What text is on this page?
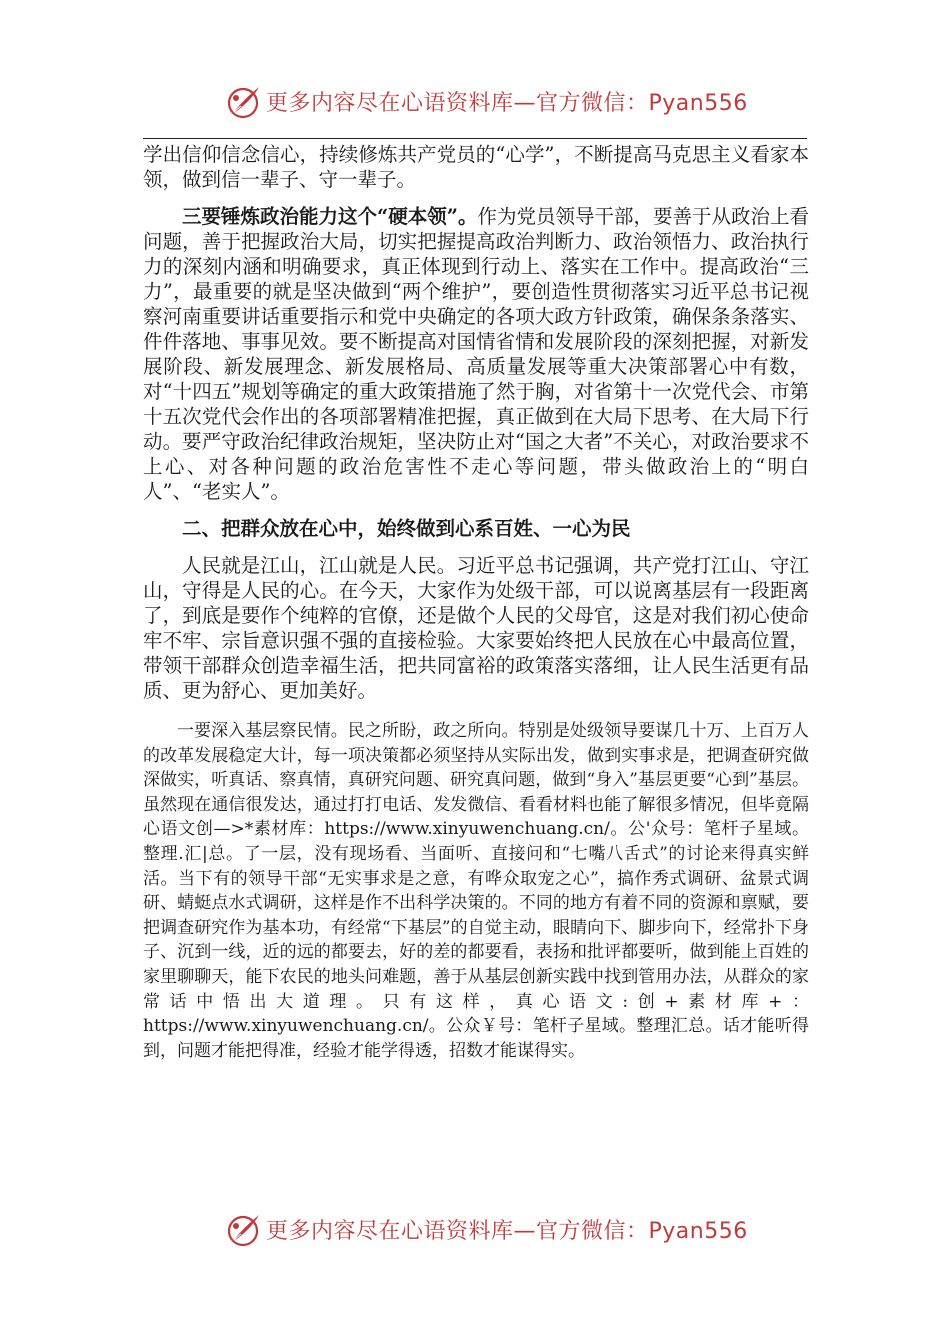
更多内容尽在心语资料库—官方微信：Pyan556

学出信仰信念信心，持续修炼共产党员的“心学”，不断提高马克思主义看家本领，做到信一辈子、守一辈子。

三要锤炼政治能力这个“硬本领”。作为党员领导干部，要善于从政治上看问题，善于把握政治大局，切实把握提高政治判断力、政治领悟力、政治执行力的深刻内涵和明确要求，真正体现到行动上、落实在工作中。提高政治“三力”，最重要的就是坚决做到“两个维护”，要创造性贯彻落实习近平总书记视察河南重要讲话重要指示和党中央确定的各项大政方针政策，确保条条落实、件件落地、事事见效。要不断提高对国情省情和发展阶段的深刻把握，对新发展阶段、新发展理念、新发展格局、高质量发展等重大决策部署心中有数，对“十四五”规划等确定的重大政策措施了然于胸，对省第十一次党代会、市第十五次党代会作出的各项部署精准把握，真正做到在大局下思考、在大局下行动。要严守政治纪律政治规矩，坚决防止对“国之大者”不关心，对政治要求不上心、对各种问题的政治危害性不走心等问题，带头做政治上的“明白人”、“老实人”。

二、把群众放在心中，始终做到心系百姓、一心为民

人民就是江山，江山就是人民。习近平总书记强调，共产党打江山、守江山，守得是人民的心。在今天，大家作为处级干部，可以说离基层有一段距离了，到底是要作个纯粹的官僚，还是做个人民的父母官，这是对我们初心使命牢不牢、宗旨意识强不强的直接检验。大家要始终把人民放在心中最高位置，带领干部群众创造幸福生活，把共同富裕的政策落实落细，让人民生活更有品质、更为舒心、更加美好。

一要深入基层察民情。民之所盼，政之所向。特别是处级领导要谋几十万、上百万人的改革发展稳定大计，每一项决策都必须坚持从实际出发，做到实事求是，把调查研究做深做实，听真话、察真情，真研究问题、研究真问题，做到“身入”基层更要“心到”基层。虽然现在通信很发达，通过打打电话、发发微信、看看材料也能了解很多情况，但毕竟隔心语文创—>*素材库：https://www.xinyuwenchuang.cn/。公'众号：笔杆子星域。整理.汇|总。了一层，没有现场看、当面听、直接问和“七嘴八舌式”的讨论来得真实鲜活。当下有的领导干部“无实事求是之意，有哗众取宠之心”，搞作秀式调研、盆景式调研、蜻蜓点水式调研，这样是作不出科学决策的。不同的地方有着不同的资源和禀赋，要把调查研究作为基本功，有经常“下基层”的自觉主动，眼睛向下、脚步向下，经常扑下身子、沉到一线，近的远的都要去，好的差的都要看，表扬和批评都要听，做到能上百姓的家里聊聊天，能下农民的地头问难题，善于从基层创新实践中找到管用办法，从群众的家常话中悟出大道理。只有这样，真心语文:创+素材库+：https://www.xinyuwenchuang.cn/。公众￥号：笔杆子星域。整理汇总。话才能听得到，问题才能把得准，经验才能学得透，招数才能谋得实。

更多内容尽在心语资料库—官方微信：Pyan556
